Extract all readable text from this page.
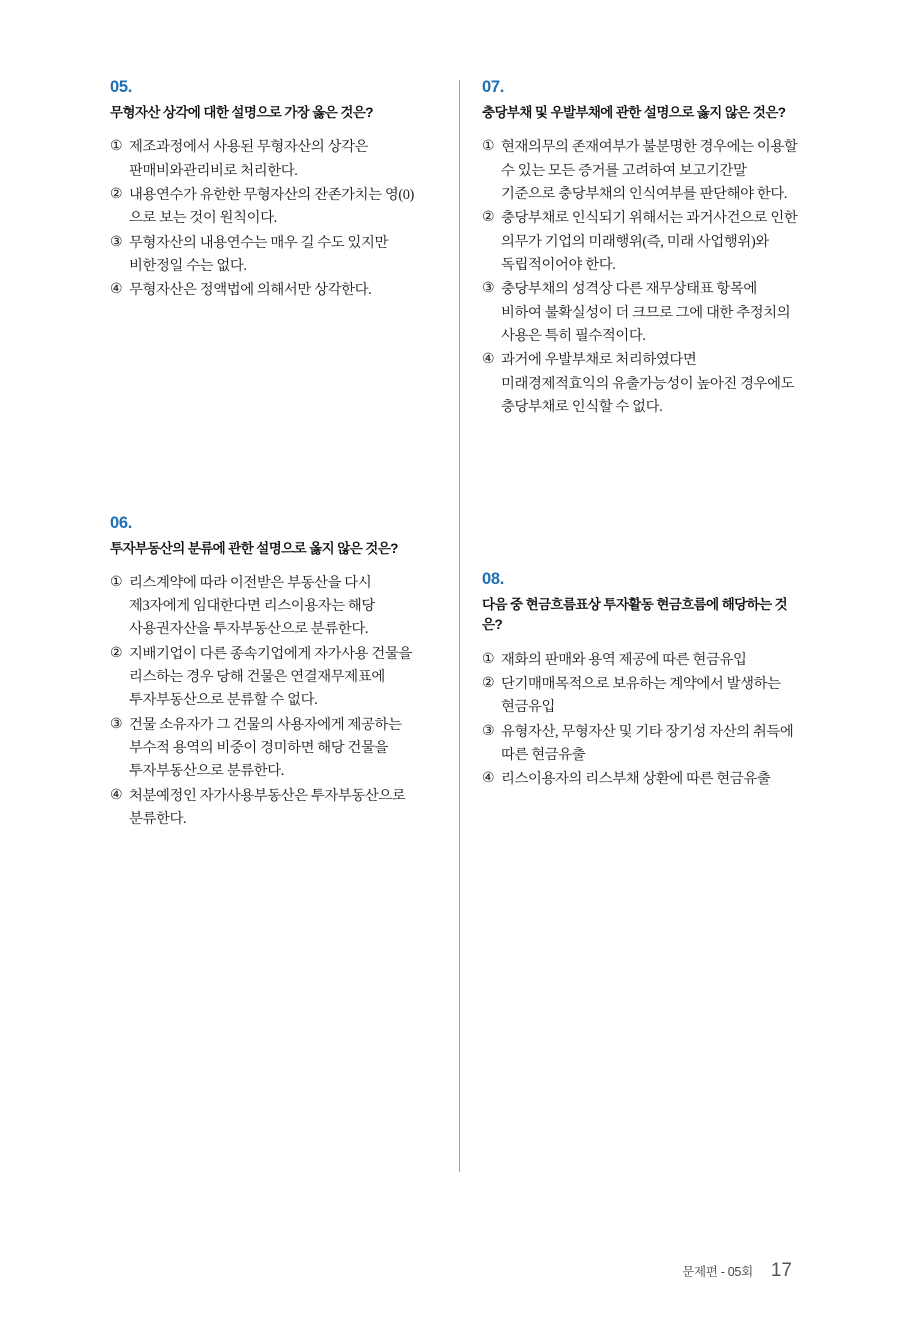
05.
무형자산 상각에 대한 설명으로 가장 옳은 것은?
① 제조과정에서 사용된 무형자산의 상각은 판매비와관리비로 처리한다.
② 내용연수가 유한한 무형자산의 잔존가치는 영(0)으로 보는 것이 원칙이다.
③ 무형자산의 내용연수는 매우 길 수도 있지만 비한정일 수는 없다.
④ 무형자산은 정액법에 의해서만 상각한다.
06.
투자부동산의 분류에 관한 설명으로 옳지 않은 것은?
① 리스계약에 따라 이전받은 부동산을 다시 제3자에게 임대한다면 리스이용자는 해당 사용권자산을 투자부동산으로 분류한다.
② 지배기업이 다른 종속기업에게 자가사용 건물을 리스하는 경우 당해 건물은 연결재무제표에 투자부동산으로 분류할 수 없다.
③ 건물 소유자가 그 건물의 사용자에게 제공하는 부수적 용역의 비중이 경미하면 해당 건물을 투자부동산으로 분류한다.
④ 처분예정인 자가사용부동산은 투자부동산으로 분류한다.
07.
충당부채 및 우발부채에 관한 설명으로 옳지 않은 것은?
① 현재의무의 존재여부가 불분명한 경우에는 이용할 수 있는 모든 증거를 고려하여 보고기간말 기준으로 충당부채의 인식여부를 판단해야 한다.
② 충당부채로 인식되기 위해서는 과거사건으로 인한 의무가 기업의 미래행위(즉, 미래 사업행위)와 독립적이어야 한다.
③ 충당부채의 성격상 다른 재무상태표 항목에 비하여 불확실성이 더 크므로 그에 대한 추정치의 사용은 특히 필수적이다.
④ 과거에 우발부채로 처리하였다면 미래경제적효익의 유출가능성이 높아진 경우에도 충당부채로 인식할 수 없다.
08.
다음 중 현금흐름표상 투자활동 현금흐름에 해당하는 것은?
① 재화의 판매와 용역 제공에 따른 현금유입
② 단기매매목적으로 보유하는 계약에서 발생하는 현금유입
③ 유형자산, 무형자산 및 기타 장기성 자산의 취득에 따른 현금유출
④ 리스이용자의 리스부채 상환에 따른 현금유출
문제편 - 05회 17
